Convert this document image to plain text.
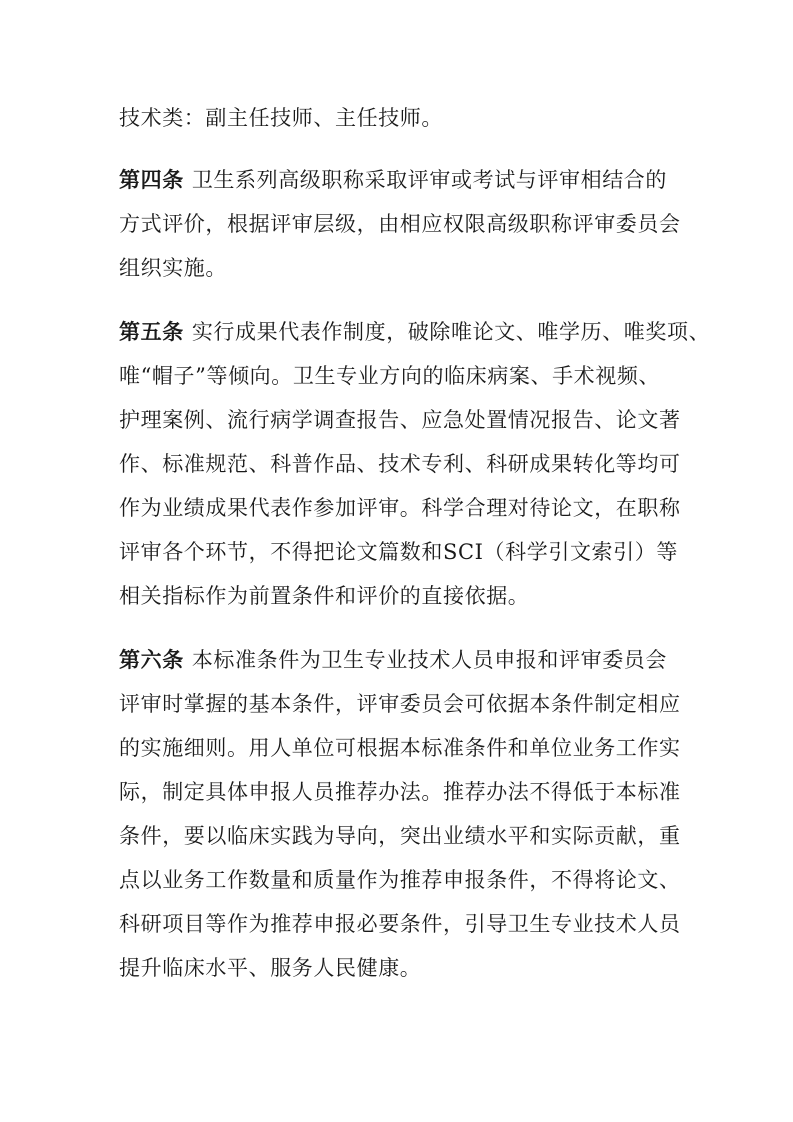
技术类：副主任技师、主任技师。
第四条 卫生系列高级职称采取评审或考试与评审相结合的
方式评价，根据评审层级，由相应权限高级职称评审委员会
组织实施。
第五条 实行成果代表作制度，破除唯论文、唯学历、唯奖项、
唯“帽子”等倾向。卫生专业方向的临床病案、手术视频、
护理案例、流行病学调查报告、应急处置情况报告、论文著
作、标准规范、科普作品、技术专利、科研成果转化等均可
作为业绩成果代表作参加评审。科学合理对待论文，在职称
评审各个环节，不得把论文篇数和SCI（科学引文索引）等
相关指标作为前置条件和评价的直接依据。
第六条 本标准条件为卫生专业技术人员申报和评审委员会
评审时掌握的基本条件，评审委员会可依据本条件制定相应
的实施细则。用人单位可根据本标准条件和单位业务工作实
际，制定具体申报人员推荐办法。推荐办法不得低于本标准
条件，要以临床实践为导向，突出业绩水平和实际贡献，重
点以业务工作数量和质量作为推荐申报条件，不得将论文、
科研项目等作为推荐申报必要条件，引导卫生专业技术人员
提升临床水平、服务人民健康。
